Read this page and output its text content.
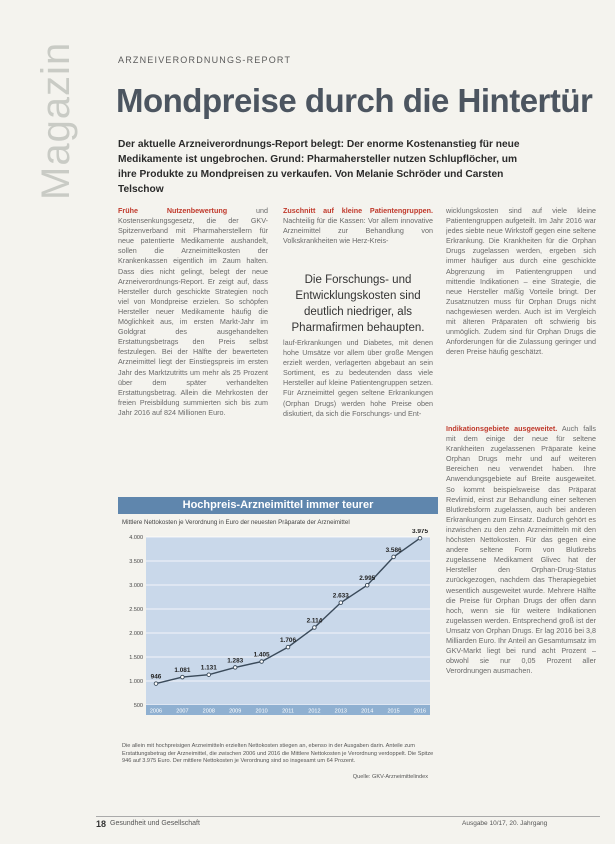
Magazin	ARZNEIVERORDNUNGS-REPORT
Mondpreise durch die Hintertür
Der aktuelle Arzneiverordnungs-Report belegt: Der enorme Kostenanstieg für neue Medikamente ist ungebrochen. Grund: Pharmahersteller nutzen Schlupflöcher, um ihre Produkte zu Mondpreisen zu verkaufen. Von Melanie Schröder und Carsten Telschow
Frühe Nutzenbewertung	und Kostensenkungsgesetz, die der GKV-Spitzenverband mit Pharmaherstellern für neue patentierte Medikamente aushandelt, sollen die Arzneimittelkosten der Krankenkassen eigentlich im Zaum halten. Dass dies nicht gelingt, belegt der neue Arzneiverordnungs-Report. Er zeigt auf, dass Hersteller durch geschickte Strategien noch viel von Mondpreise erzielen. So schöpfen Hersteller neuer Medikamente häufig die Möglichkeit aus, im ersten Markt-Jahr im Goldgrat des ausgehandelten Erstattungsbetrags den Preis selbst festzulegen. Bei der Hälfte der bewerteten Arzneimittel liegt der Einstiegspreis im ersten Jahr des Marktzutritts um mehr als 25 Prozent über dem später verhandelten Erstattungsbetrag. Allein die Mehrkosten der freien Preisbildung summierten sich bis zum Jahr 2016 auf 824 Millionen Euro.
Zuschnitt auf kleine Patientengruppen. Nachteilig für die Kassen: Vor allem innovative Arzneimittel zur Behandlung von Volkskrankheiten wie Herz-Kreis-
Die Forschungs- und Entwicklungskosten sind deutlich niedriger, als Pharmafirmen behaupten.
lauf-Erkrankungen und Diabetes, mit denen hohe Umsätze vor allem über große Mengen erzielt werden, verlagerten abgebaut an sein Sortiment, es zu bedeutenden dass viele Hersteller auf kleine Patientengruppen setzen. Für Arzneimittel gegen seltene Erkrankungen (Orphan Drugs) werden hohe Preise oben diskutiert, da sich die Forschungs- und Ent-
wicklungskosten sind auf viele kleine Patientengruppen aufgeteilt. Im Jahr 2016 war jedes siebte neue Wirkstoff gegen eine seltene Erkrankung. Die Krankheiten für die Orphan Drugs zugelassen werden, ergeben sich immer häufiger aus durch eine geschickte Abgrenzung im Patientengruppen und mittendie Indikationen – eine Strategie, die neue Hersteller mäßig Vorteile bringt. Der Zusatznutzen muss für Orphan Drugs nicht nachgewiesen werden. Auch ist im Vergleich mit älteren Präparaten oft schwierig bis unmöglich. Zudem sind für Orphan Drugs die Anforderungen für die Zulassung geringer und deren Preise häufig geschätzt.
Indikationsgebiete ausgeweitet. Auch falls mit dem einige der neue für seltene Krankheiten zugelassenen Präparate keine Orphan Drugs mehr und auf weiteren Bereichen neu verwendet haben. Ihre Anwendungsgebiete auf Breite ausgeweitet. So kommt beispielsweise das Präparat Revlimid, einst zur Behandlung einer seltenen Blutkrebsform zugelassen, auch bei anderen Erkrankungen zum Einsatz. Dadurch gehört es inzwischen zu den zehn Arzneimitteln mit den höchsten Nettokosten. Für das gegen eine andere seltene Form von Blutkrebs zugelassene Medikament Glivec hat der Hersteller den Orphan-Drug-Status zurückgezogen, nachdem das Therapiegebiet wesentlich ausgeweitet wurde. Mehrere Hälfte die Preise für Orphan Drugs der offen dann hoch, wenn sie für weitere Indikationen zugelassen werden. Entsprechend groß ist der Umsatz von Orphan Drugs. Er lag 2016 bei 3,8 Milliarden Euro. Ihr Anteil an Gesamtumsatz im GKV-Markt liegt bei rund acht Prozent – obwohl sie nur 0,05 Prozent aller Verordnungen ausmachen.
Hochpreis-Arzneimittel immer teurer
Mittlere Nettokosten je Verordnung in Euro der neuesten Präparate der Arzneimittel
500
1.000
1.500
2.000
2.500
3.000
3.500
4.000
2006	2007	2008	2009	2010	2011	2012	2013	2014	2015	2016
946
1.081 1.131
1.283
1.405
1.706
2.114
2.633
2.995
3.586
3.975
Die allein mit hochpreisigen Arzneimitteln erzielten Nettokosten stiegen an, ebenso in der Ausgaben darin. Anteile zum Erstattungsbetrag der Arzneimittel, die zwischen 2006 und 2016 die Mittlere Nettokosten je Verordnung verdoppelt. Die Spitze 946 auf 3.975 Euro. Der mittlere Nettokosten je Verordnung sind so insgesamt um 64 Prozent.
Quelle: GKV-Arzneimittelindex
18 Gesundheit und Gesellschaft	Ausgabe 10/17, 20. Jahrgang
